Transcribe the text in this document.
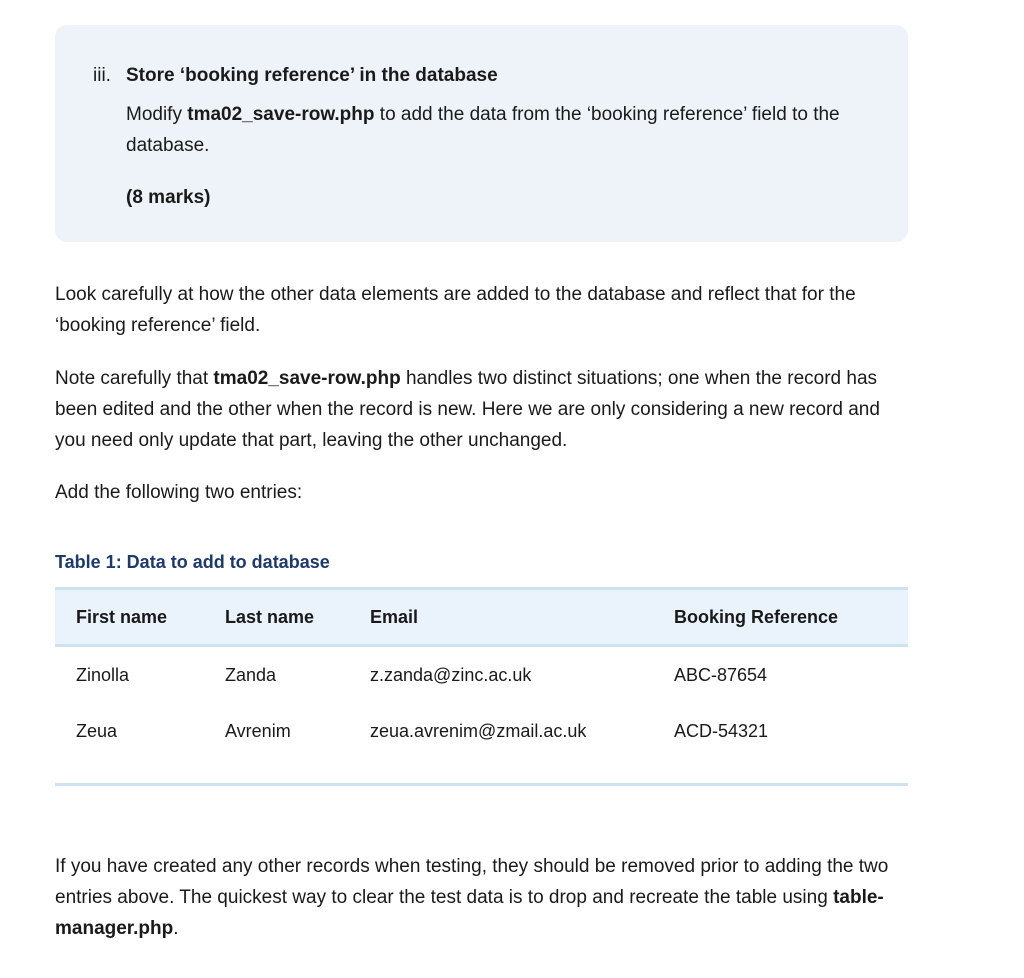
iii. Store ‘booking reference’ in the database
Modify tma02_save-row.php to add the data from the ‘booking reference’ field to the database.
(8 marks)

Look carefully at how the other data elements are added to the database and reflect that for the ‘booking reference’ field.

Note carefully that tma02_save-row.php handles two distinct situations; one when the record has been edited and the other when the record is new. Here we are only considering a new record and you need only update that part, leaving the other unchanged.

Add the following two entries:

Table 1: Data to add to database
First name	Last name	Email	Booking Reference
Zinolla	Zanda	z.zanda@zinc.ac.uk	ABC-87654
Zeua	Avrenim	zeua.avrenim@zmail.ac.uk	ACD-54321

If you have created any other records when testing, they should be removed prior to adding the two entries above. The quickest way to clear the test data is to drop and recreate the table using table-manager.php.
